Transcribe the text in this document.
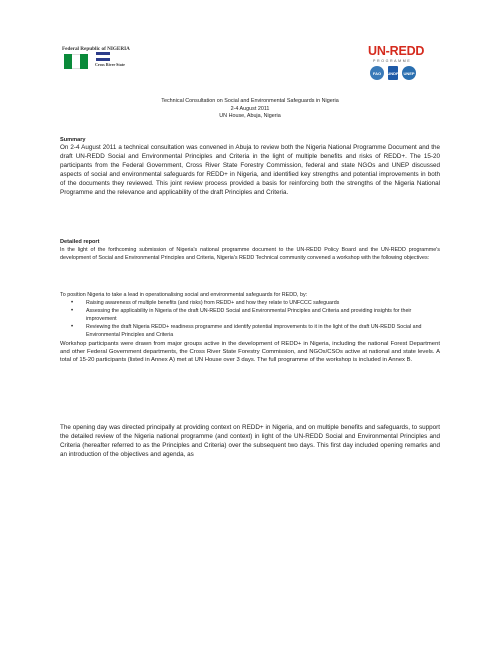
Federal Republic of NIGERIA
Cross River State
UN-REDD
PROGRAMME
FAO	UNDP	UNEP
Technical Consultation on Social and Environmental Safeguards in Nigeria
2-4 August 2011
UN House, Abuja, Nigeria

Summary

On 2-4 August 2011 a technical consultation was convened in Abuja to review both the Nigeria National Programme Document and the draft UN-REDD Social and Environmental Principles and Criteria in the light of multiple benefits and risks of REDD+. The 15-20 participants from the Federal Government, Cross River State Forestry Commission, federal and state NGOs and UNEP discussed aspects of social and environmental safeguards for REDD+ in Nigeria, and identified key strengths and potential improvements in both of the documents they reviewed. This joint review process provided a basis for reinforcing both the strengths of the Nigeria National Programme and the relevance and applicability of the draft Principles and Criteria.

Detailed report

In the light of the forthcoming submission of Nigeria's national programme document to the UN-REDD Policy Board and the UN-REDD programme's development of Social and Environmental Principles and Criteria, Nigeria's REDD Technical community convened a workshop with the following objectives:

To position Nigeria to take a lead in operationalising social and environmental safeguards for REDD, by:

• Raising awareness of multiple benefits (and risks) from REDD+ and how they relate to UNFCCC safeguards
• Assessing the applicability in Nigeria of the draft UN-REDD Social and Environmental Principles and Criteria and providing insights for their improvement
• Reviewing the draft Nigeria REDD+ readiness programme and identify potential improvements to it in the light of the draft UN-REDD Social and Environmental Principles and Criteria

Workshop participants were drawn from major groups active in the development of REDD+ in Nigeria, including the national Forest Department and other Federal Government departments, the Cross River State Forestry Commission, and NGOs/CSOs active at national and state levels. A total of 15-20 participants (listed in Annex A) met at UN House over 3 days. The full programme of the workshop is included in Annex B.

The opening day was directed principally at providing context on REDD+ in Nigeria, and on multiple benefits and safeguards, to support the detailed review of the Nigeria national programme (and context) in light of the UN-REDD Social and Environmental Principles and Criteria (hereafter referred to as the Principles and Criteria) over the subsequent two days. This first day included opening remarks and an introduction of the objectives and agenda, as
